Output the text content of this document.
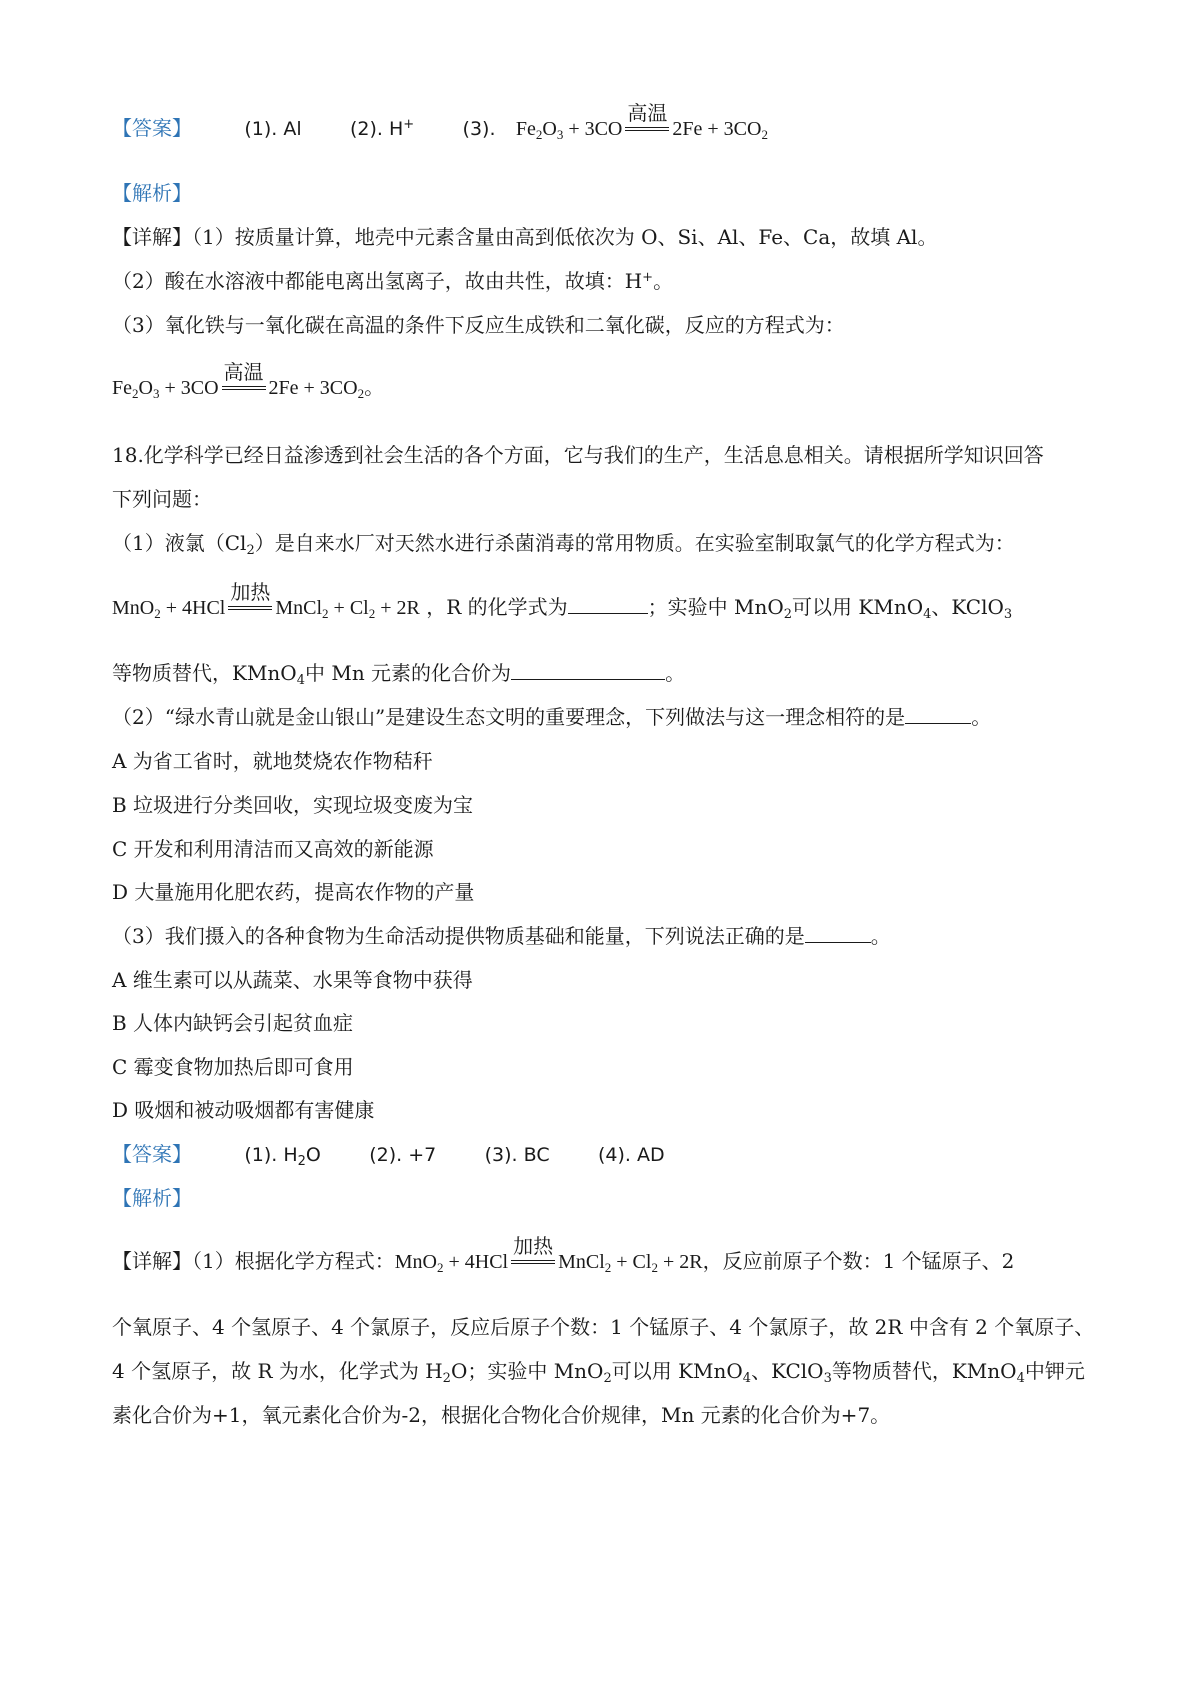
【答案】	(1). Al	(2). H+	(3). $Fe_2O_3 + 3CO$
高温
$2Fe + 3CO_2$
【解析】
【详解】（1）按质量计算，地壳中元素含量由高到低依次为 O、Si、Al、Fe、Ca，故填 Al。
（2）酸在水溶液中都能电离出氢离子，故由共性，故填：H+。
（3）氧化铁与一氧化碳在高温的条件下反应生成铁和二氧化碳，反应的方程式为：
$Fe_2O_3 + 3CO$
高温
$2Fe + 3CO_2$。
18.化学科学已经日益渗透到社会生活的各个方面，它与我们的生产，生活息息相关。请根据所学知识回答
下列问题：
（1）液氯$(Cl_2)$是自来水厂对天然水进行杀菌消毒的常用物质。在实验室制取氯气的化学方程式为：
MnO$_2$ + 4HCl
加热
MnCl$_2$ + $Cl_2 + 2R$ ，R 的化学式为	；实验中 MnO$_2$可以用 KMnO$_4$、KClO$_3$
等物质替代，KMnO$_4$中 Mn 元素的化合价为	。
（2）“绿水青山就是金山银山”是建设生态文明的重要理念，下列做法与这一理念相符的是	。
A 为省工省时，就地焚烧农作物秸秆
B 垃圾进行分类回收，实现垃圾变废为宝
C 开发和利用清洁而又高效的新能源
D 大量施用化肥农药，提高农作物的产量
（3）我们摄入的各种食物为生命活动提供物质基础和能量，下列说法正确的是	。
A 维生素可以从蔬菜、水果等食物中获得
B 人体内缺钙会引起贫血症
C 霉变食物加热后即可食用
D 吸烟和被动吸烟都有害健康
【答案】	(1). $H_2O$	(2). +7	(3). BC	(4). AD
【解析】
【详解】（1）根据化学方程式：MnO$_2$ + 4HCl
加热
MnCl$_2$ + $Cl_2 + 2R$，反应前原子个数：1 个锰原子、2
个氧原子、4 个氢原子、4 个氯原子，反应后原子个数：1 个锰原子、4 个氯原子，故 2R 中含有 2 个氧原子、
4 个氢原子，故 R 为水，化学式为 $H_2O$；实验中 MnO$_2$可以用 KMnO$_4$、KClO$_3$等物质替代，KMnO$_4$中钾元
素化合价为+1，氧元素化合价为-2，根据化合物化合价规律，Mn 元素的化合价为+7。
